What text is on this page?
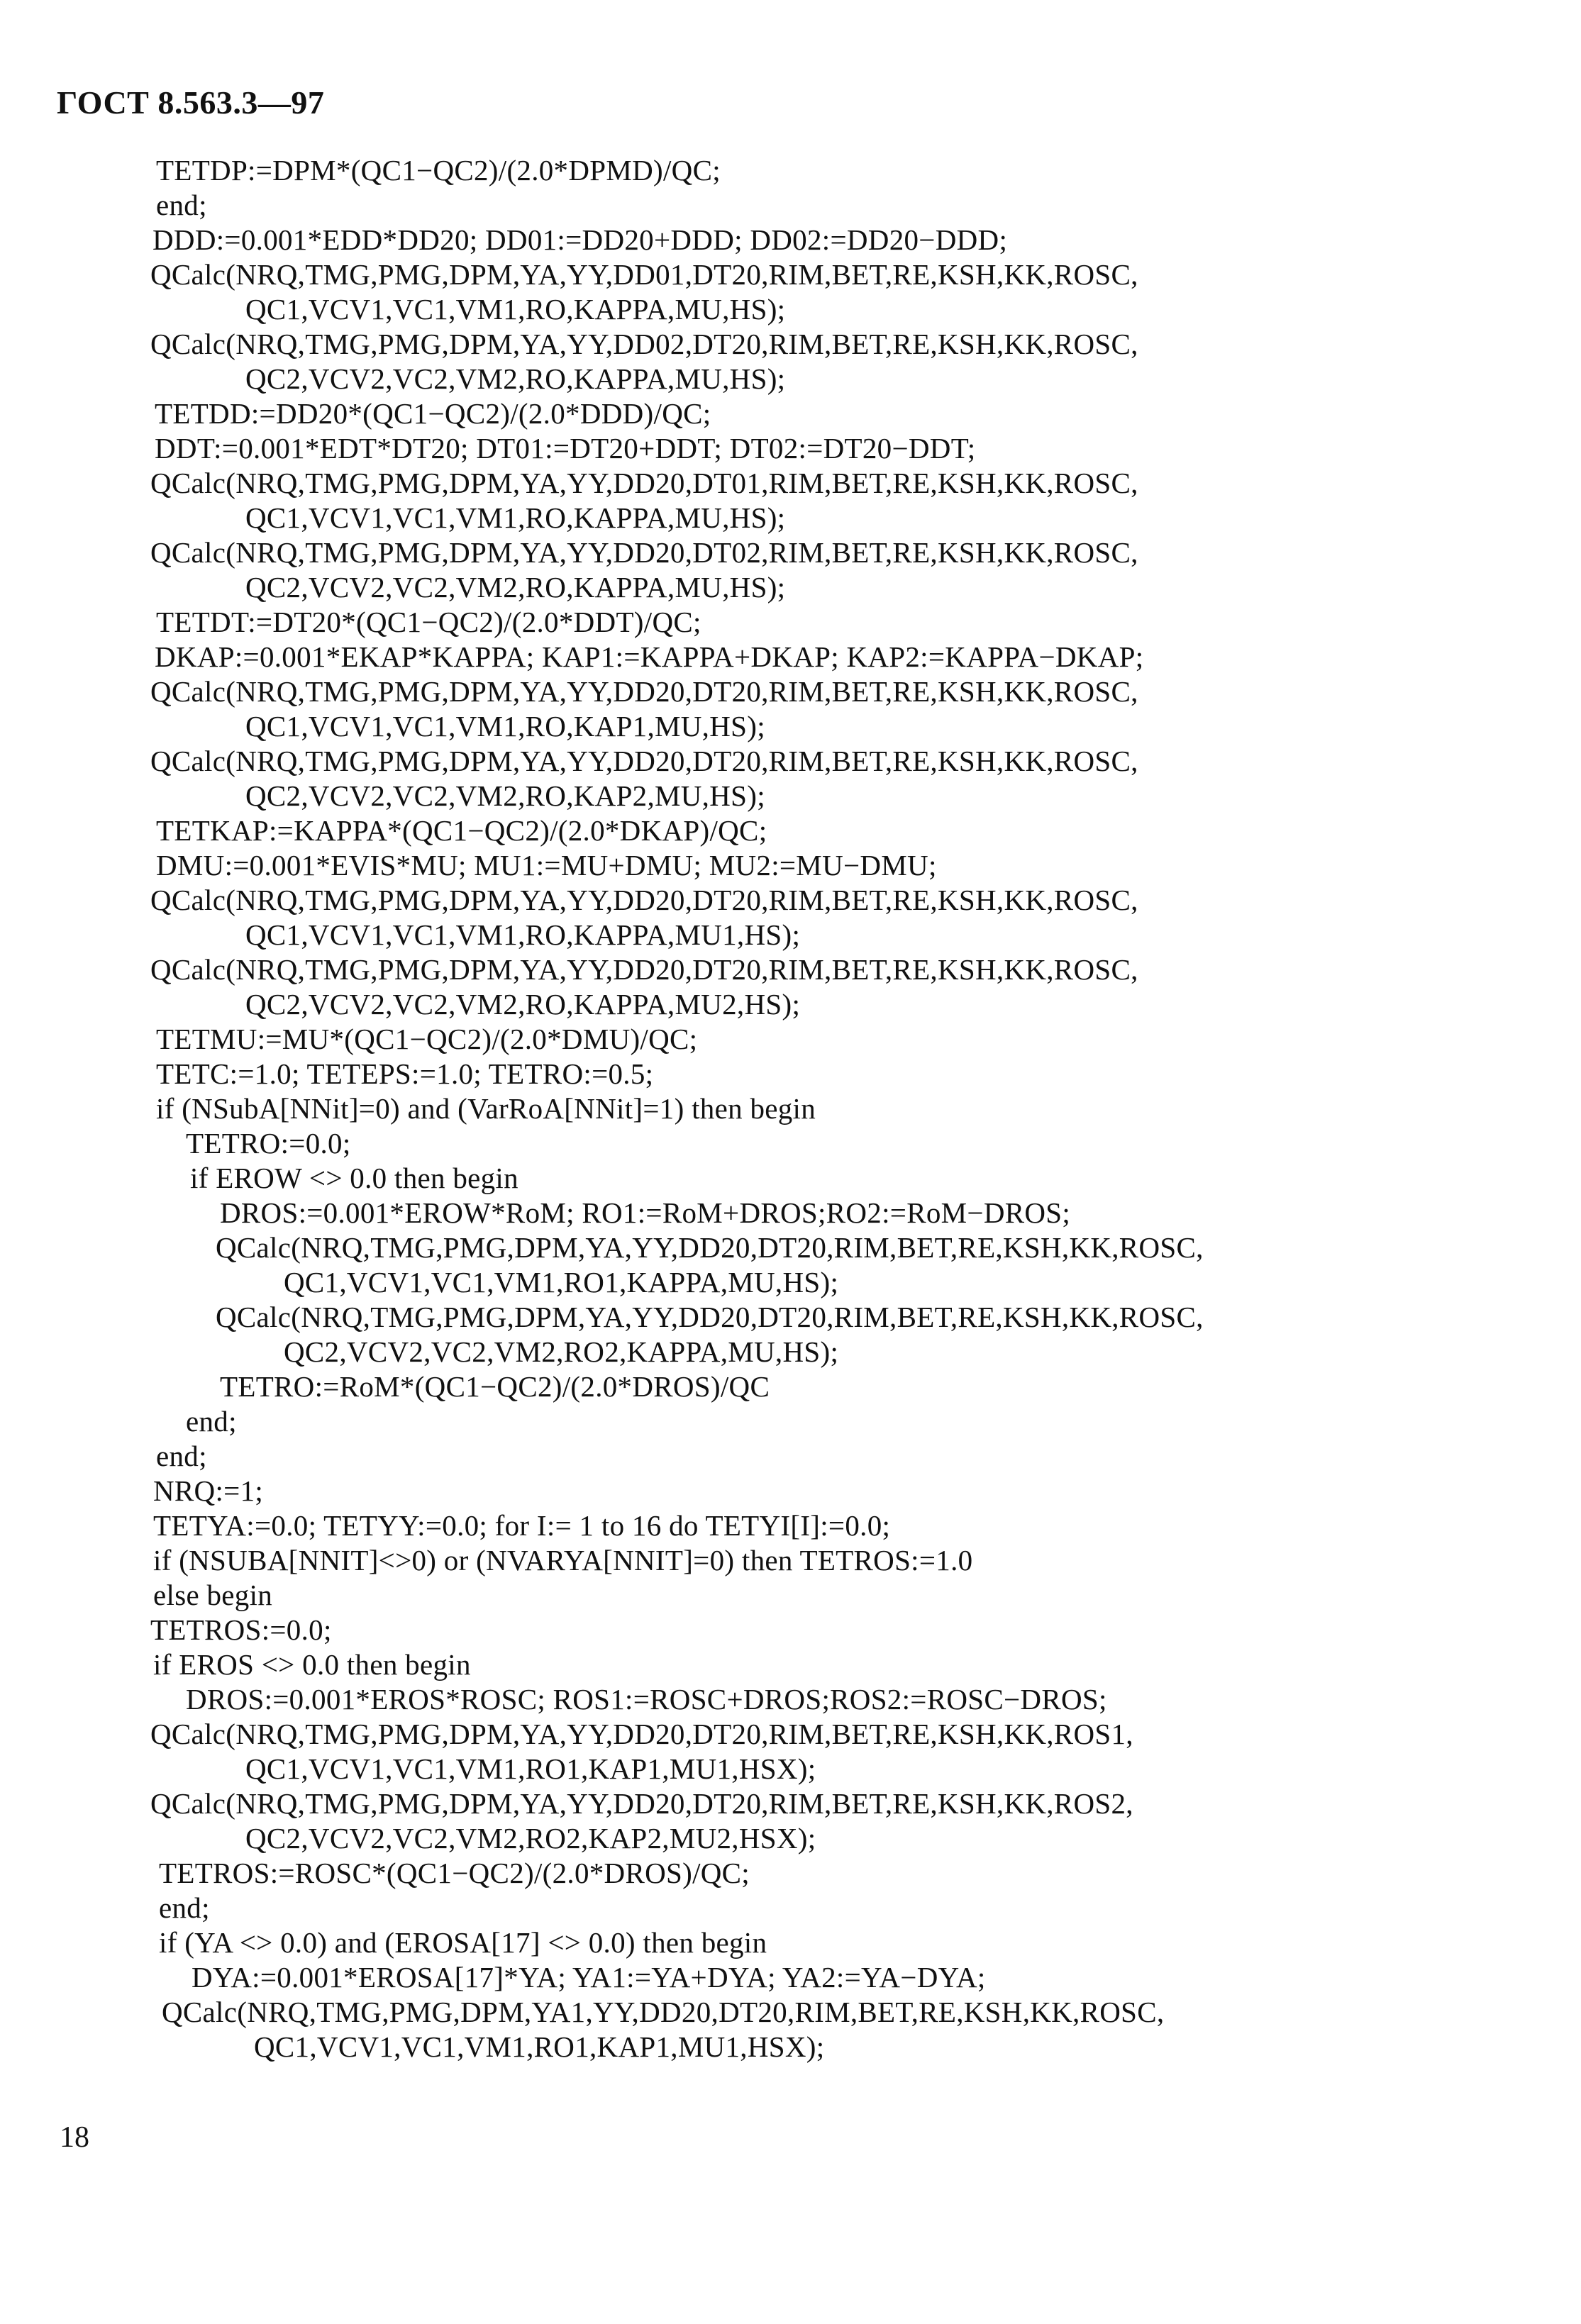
ГОСТ 8.563.3—97
TETDP:=DPM*(QC1−QC2)/(2.0*DPMD)/QC;
end;
DDD:=0.001*EDD*DD20; DD01:=DD20+DDD; DD02:=DD20−DDD;
QCalc(NRQ,TMG,PMG,DPM,YA,YY,DD01,DT20,RIM,BET,RE,KSH,KK,ROSC,
QC1,VCV1,VC1,VM1,RO,KAPPA,MU,HS);
QCalc(NRQ,TMG,PMG,DPM,YA,YY,DD02,DT20,RIM,BET,RE,KSH,KK,ROSC,
QC2,VCV2,VC2,VM2,RO,KAPPA,MU,HS);
TETDD:=DD20*(QC1−QC2)/(2.0*DDD)/QC;
DDT:=0.001*EDT*DT20; DT01:=DT20+DDT; DT02:=DT20−DDT;
QCalc(NRQ,TMG,PMG,DPM,YA,YY,DD20,DT01,RIM,BET,RE,KSH,KK,ROSC,
QC1,VCV1,VC1,VM1,RO,KAPPA,MU,HS);
QCalc(NRQ,TMG,PMG,DPM,YA,YY,DD20,DT02,RIM,BET,RE,KSH,KK,ROSC,
QC2,VCV2,VC2,VM2,RO,KAPPA,MU,HS);
TETDT:=DT20*(QC1−QC2)/(2.0*DDT)/QC;
DKAP:=0.001*EKAP*KAPPA; KAP1:=KAPPA+DKAP; KAP2:=KAPPA−DKAP;
QCalc(NRQ,TMG,PMG,DPM,YA,YY,DD20,DT20,RIM,BET,RE,KSH,KK,ROSC,
QC1,VCV1,VC1,VM1,RO,KAP1,MU,HS);
QCalc(NRQ,TMG,PMG,DPM,YA,YY,DD20,DT20,RIM,BET,RE,KSH,KK,ROSC,
QC2,VCV2,VC2,VM2,RO,KAP2,MU,HS);
TETKAP:=KAPPA*(QC1−QC2)/(2.0*DKAP)/QC;
DMU:=0.001*EVIS*MU; MU1:=MU+DMU; MU2:=MU−DMU;
QCalc(NRQ,TMG,PMG,DPM,YA,YY,DD20,DT20,RIM,BET,RE,KSH,KK,ROSC,
QC1,VCV1,VC1,VM1,RO,KAPPA,MU1,HS);
QCalc(NRQ,TMG,PMG,DPM,YA,YY,DD20,DT20,RIM,BET,RE,KSH,KK,ROSC,
QC2,VCV2,VC2,VM2,RO,KAPPA,MU2,HS);
TETMU:=MU*(QC1−QC2)/(2.0*DMU)/QC;
TETC:=1.0; TETEPS:=1.0; TETRO:=0.5;
if (NSubA[NNit]=0) and (VarRoA[NNit]=1) then begin
TETRO:=0.0;
if EROW <> 0.0 then begin
DROS:=0.001*EROW*RoM; RO1:=RoM+DROS;RO2:=RoM−DROS;
QCalc(NRQ,TMG,PMG,DPM,YA,YY,DD20,DT20,RIM,BET,RE,KSH,KK,ROSC,
QC1,VCV1,VC1,VM1,RO1,KAPPA,MU,HS);
QCalc(NRQ,TMG,PMG,DPM,YA,YY,DD20,DT20,RIM,BET,RE,KSH,KK,ROSC,
QC2,VCV2,VC2,VM2,RO2,KAPPA,MU,HS);
TETRO:=RoM*(QC1−QC2)/(2.0*DROS)/QC
end;
end;
NRQ:=1;
TETYA:=0.0; TETYY:=0.0; for I:= 1 to 16 do TETYI[I]:=0.0;
if (NSUBA[NNIT]<>0) or (NVARYA[NNIT]=0) then TETROS:=1.0
else begin
TETROS:=0.0;
if EROS <> 0.0 then begin
DROS:=0.001*EROS*ROSC; ROS1:=ROSC+DROS;ROS2:=ROSC−DROS;
QCalc(NRQ,TMG,PMG,DPM,YA,YY,DD20,DT20,RIM,BET,RE,KSH,KK,ROS1,
QC1,VCV1,VC1,VM1,RO1,KAP1,MU1,HSX);
QCalc(NRQ,TMG,PMG,DPM,YA,YY,DD20,DT20,RIM,BET,RE,KSH,KK,ROS2,
QC2,VCV2,VC2,VM2,RO2,KAP2,MU2,HSX);
TETROS:=ROSC*(QC1−QC2)/(2.0*DROS)/QC;
end;
if (YA <> 0.0) and (EROSA[17] <> 0.0) then begin
DYA:=0.001*EROSA[17]*YA; YA1:=YA+DYA; YA2:=YA−DYA;
QCalc(NRQ,TMG,PMG,DPM,YA1,YY,DD20,DT20,RIM,BET,RE,KSH,KK,ROSC,
QC1,VCV1,VC1,VM1,RO1,KAP1,MU1,HSX);
18
